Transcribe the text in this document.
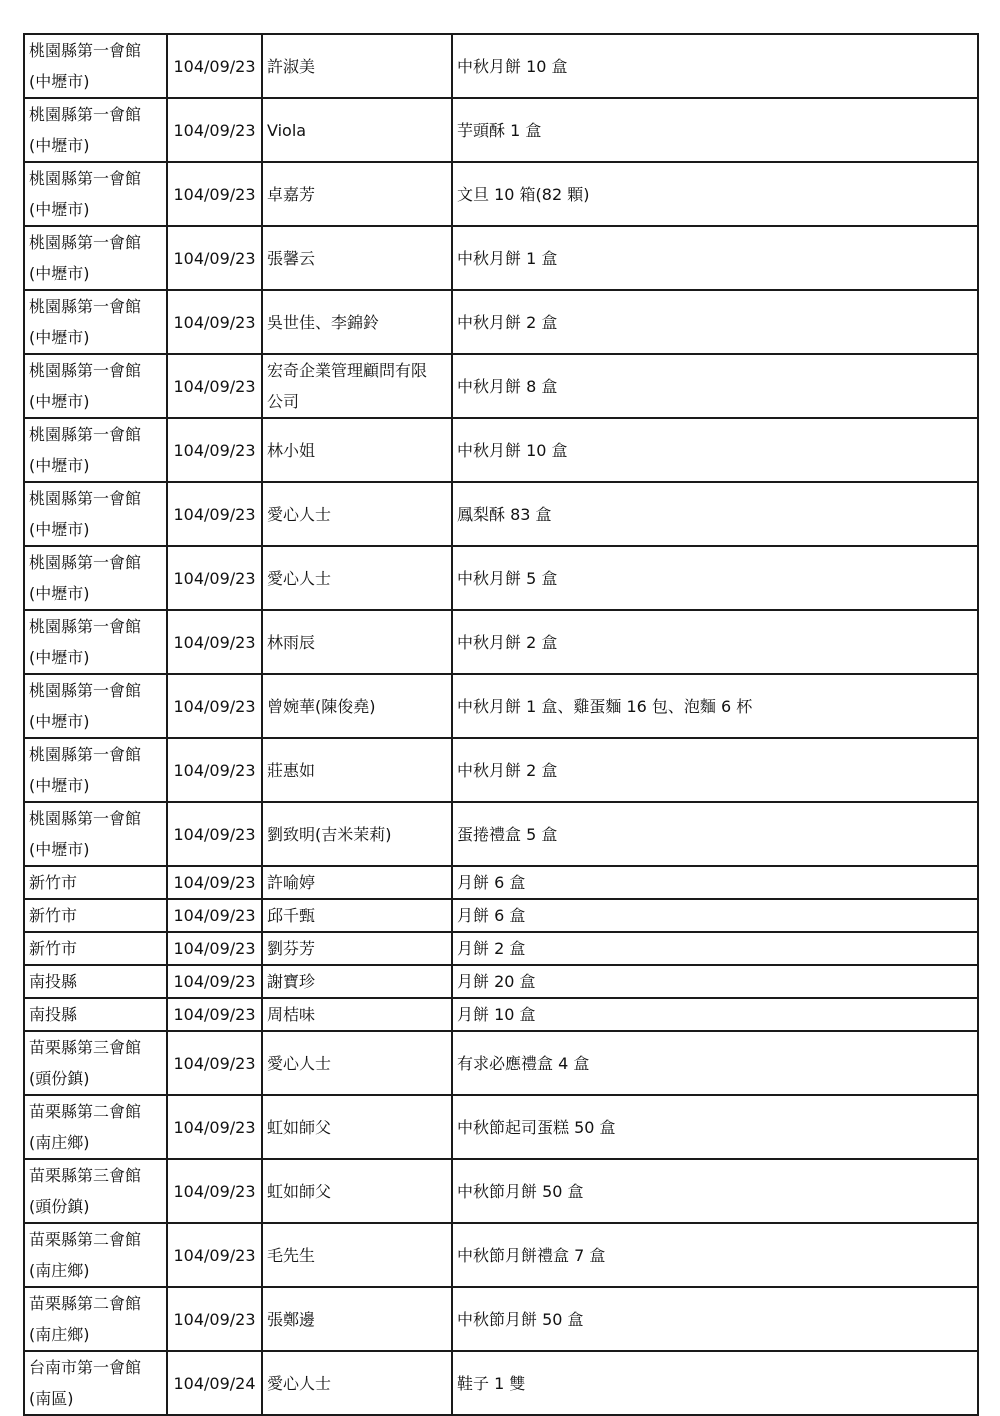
桃園縣第一會館
(中壢市)	104/09/23	許淑美	中秋月餅 10 盒

桃園縣第一會館
(中壢市)	104/09/23	Viola	芋頭酥 1 盒

桃園縣第一會館
(中壢市)	104/09/23	卓嘉芳	文旦 10 箱(82 顆)

桃園縣第一會館
(中壢市)	104/09/23	張馨云	中秋月餅 1 盒

桃園縣第一會館
(中壢市)	104/09/23	吳世佳、李錦鈴	中秋月餅 2 盒

桃園縣第一會館
(中壢市)	104/09/23	宏奇企業管理顧問有限
公司	中秋月餅 8 盒

桃園縣第一會館
(中壢市)	104/09/23	林小姐	中秋月餅 10 盒

桃園縣第一會館
(中壢市)	104/09/23	愛心人士	鳳梨酥 83 盒

桃園縣第一會館
(中壢市)	104/09/23	愛心人士	中秋月餅 5 盒

桃園縣第一會館
(中壢市)	104/09/23	林雨辰	中秋月餅 2 盒

桃園縣第一會館
(中壢市)	104/09/23	曾婉華(陳俊堯)	中秋月餅 1 盒、雞蛋麵 16 包、泡麵 6 杯

桃園縣第一會館
(中壢市)	104/09/23	莊惠如	中秋月餅 2 盒

桃園縣第一會館
(中壢市)	104/09/23	劉致明(吉米茉莉)	蛋捲禮盒 5 盒

新竹市	104/09/23	許喻婷	月餅 6 盒

新竹市	104/09/23	邱千甄	月餅 6 盒

新竹市	104/09/23	劉芬芳	月餅 2 盒

南投縣	104/09/23	謝寶珍	月餅 20 盒

南投縣	104/09/23	周桔味	月餅 10 盒

苗栗縣第三會館
(頭份鎮)	104/09/23	愛心人士	有求必應禮盒 4 盒

苗栗縣第二會館
(南庄鄉)	104/09/23	虹如師父	中秋節起司蛋糕 50 盒

苗栗縣第三會館
(頭份鎮)	104/09/23	虹如師父	中秋節月餅 50 盒

苗栗縣第二會館
(南庄鄉)	104/09/23	毛先生	中秋節月餅禮盒 7 盒

苗栗縣第二會館
(南庄鄉)	104/09/23	張鄭邊	中秋節月餅 50 盒

台南市第一會館
(南區)	104/09/24	愛心人士	鞋子 1 雙
